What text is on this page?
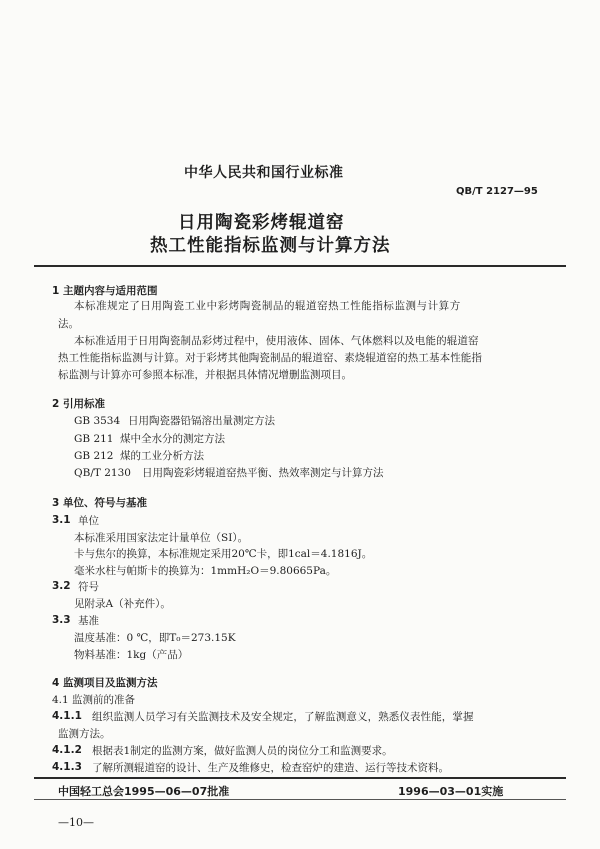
中华人民共和国行业标准
QB/T 2127—95
日用陶瓷彩烤辊道窑
热工性能指标监测与计算方法
1 主题内容与适用范围
本标准规定了日用陶瓷工业中彩烤陶瓷制品的辊道窑热工性能指标监测与计算方
法。
本标准适用于日用陶瓷制品彩烤过程中，使用液体、固体、气体燃料以及电能的辊道窑
热工性能指标监测与计算。对于彩烤其他陶瓷制品的辊道窑、素烧辊道窑的热工基本性能指
标监测与计算亦可参照本标准，并根据具体情况增删监测项目。
2 引用标准
GB 3534 日用陶瓷器铅镉溶出量测定方法
GB 211 煤中全水分的测定方法
GB 212 煤的工业分析方法
QB/T 2130 日用陶瓷彩烤辊道窑热平衡、热效率测定与计算方法
3 单位、符号与基准
3.1 单位
本标准采用国家法定计量单位（SI）。
卡与焦尔的换算，本标准规定采用20℃卡，即1cal＝4.1816J。
毫米水柱与帕斯卡的换算为：1mmH₂O＝9.80665Pa。
3.2 符号
见附录A（补充件）。
3.3 基准
温度基准：0 ℃，即T₀＝273.15K
物料基准：1kg（产品）
4 监测项目及监测方法
4.1 监测前的准备
4.1.1 组织监测人员学习有关监测技术及安全规定，了解监测意义，熟悉仪表性能，掌握
监测方法。
4.1.2 根据表1制定的监测方案，做好监测人员的岗位分工和监测要求。
4.1.3 了解所测辊道窑的设计、生产及维修史，检查窑炉的建造、运行等技术资料。
中国轻工总会1995—06—07批准	1996—03—01实施
—10—
